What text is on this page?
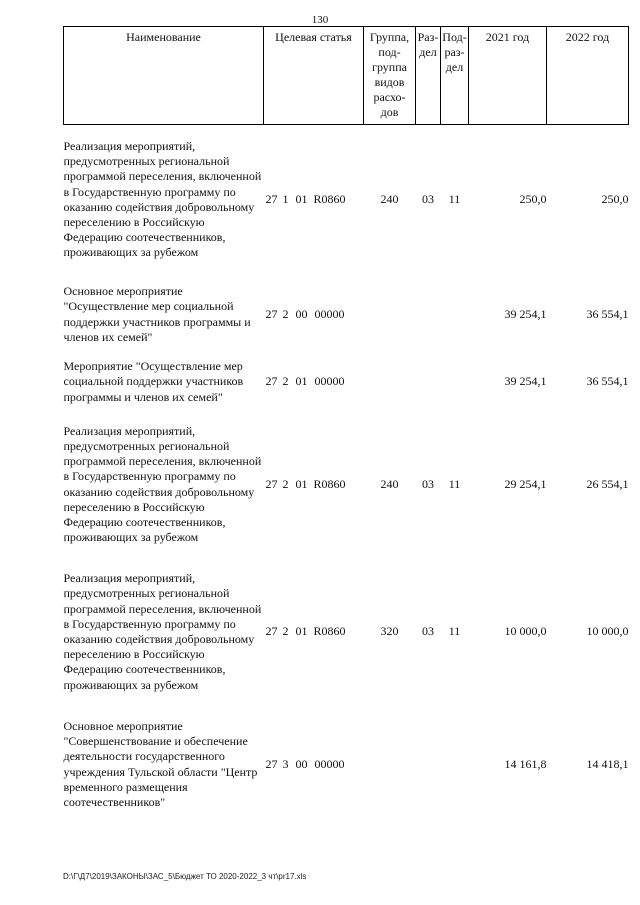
130
Наименование	Целевая статья	Группа, под-группа видов расхо-дов	Раз-дел	Под-раз-дел	2021 год	2022 год
Реализация мероприятий, предусмотренных региональной программой переселения, включенной в Государственную программу по оказанию содействия добровольному переселению в Российскую Федерацию соотечественников, проживающих за рубежом	27 1 01 R0860	240	03	11	250,0	250,0
Основное мероприятие "Осуществление мер социальной поддержки участников программы и членов их семей"	27 2 00 00000				39 254,1	36 554,1
Мероприятие "Осуществление мер социальной поддержки участников программы и членов их семей"	27 2 01 00000				39 254,1	36 554,1
Реализация мероприятий, предусмотренных региональной программой переселения, включенной в Государственную программу по оказанию содействия добровольному переселению в Российскую Федерацию соотечественников, проживающих за рубежом	27 2 01 R0860	240	03	11	29 254,1	26 554,1
Реализация мероприятий, предусмотренных региональной программой переселения, включенной в Государственную программу по оказанию содействия добровольному переселению в Российскую Федерацию соотечественников, проживающих за рубежом	27 2 01 R0860	320	03	11	10 000,0	10 000,0
Основное мероприятие "Совершенствование и обеспечение деятельности государственного учреждения Тульской области "Центр временного размещения соотечественников"	27 3 00 00000				14 161,8	14 418,1
D:\Г\Д7\2019\ЗАКОНЫ\ЗАС_5\Бюджет ТО 2020-2022_3 чт\pr17.xls
